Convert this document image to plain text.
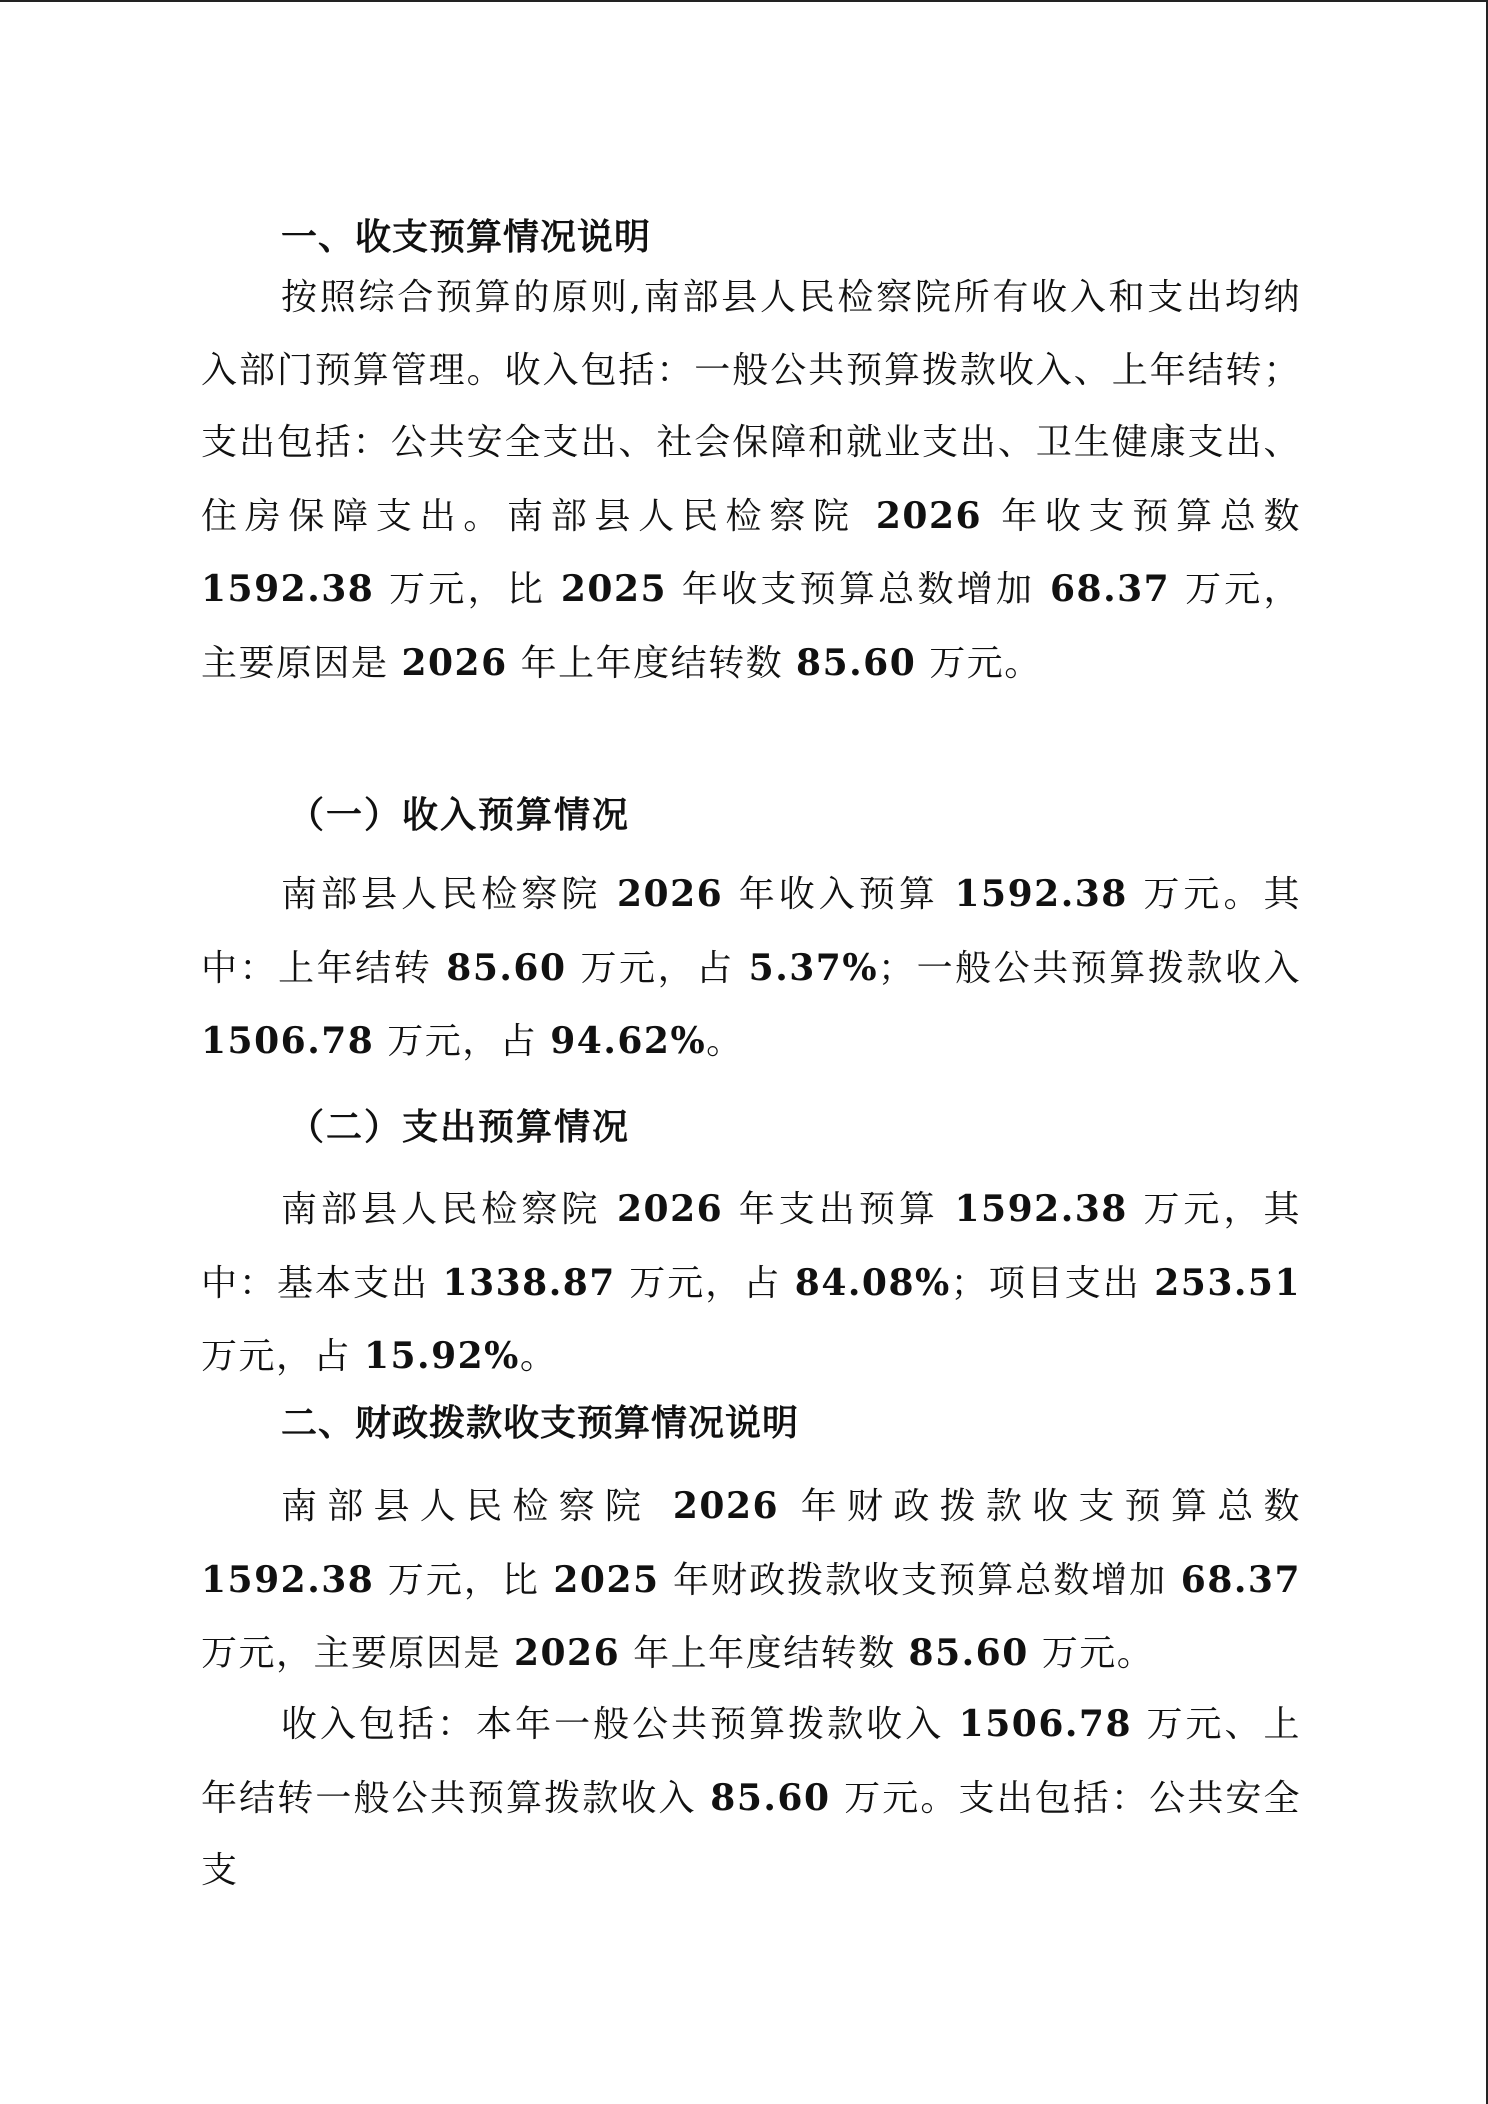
一、收支预算情况说明

按照综合预算的原则,南部县人民检察院所有收入和支出均纳入部门预算管理。收入包括：一般公共预算拨款收入、上年结转；支出包括：公共安全支出、社会保障和就业支出、卫生健康支出、住房保障支出。南部县人民检察院 2026 年收支预算总数 1592.38 万元，比 2025 年收支预算总数增加 68.37 万元，主要原因是 2026 年上年度结转数 85.60 万元。

（一）收入预算情况

南部县人民检察院 2026 年收入预算 1592.38 万元。其中：上年结转 85.60 万元，占 5.37%；一般公共预算拨款收入 1506.78 万元，占 94.62%。

（二）支出预算情况

南部县人民检察院 2026 年支出预算 1592.38 万元，其中：基本支出 1338.87 万元，占 84.08%；项目支出 253.51 万元，占 15.92%。

二、财政拨款收支预算情况说明

南部县人民检察院 2026 年财政拨款收支预算总数 1592.38 万元，比 2025 年财政拨款收支预算总数增加 68.37 万元，主要原因是 2026 年上年度结转数 85.60 万元。

收入包括：本年一般公共预算拨款收入 1506.78 万元、上年结转一般公共预算拨款收入 85.60 万元。支出包括：公共安全支
